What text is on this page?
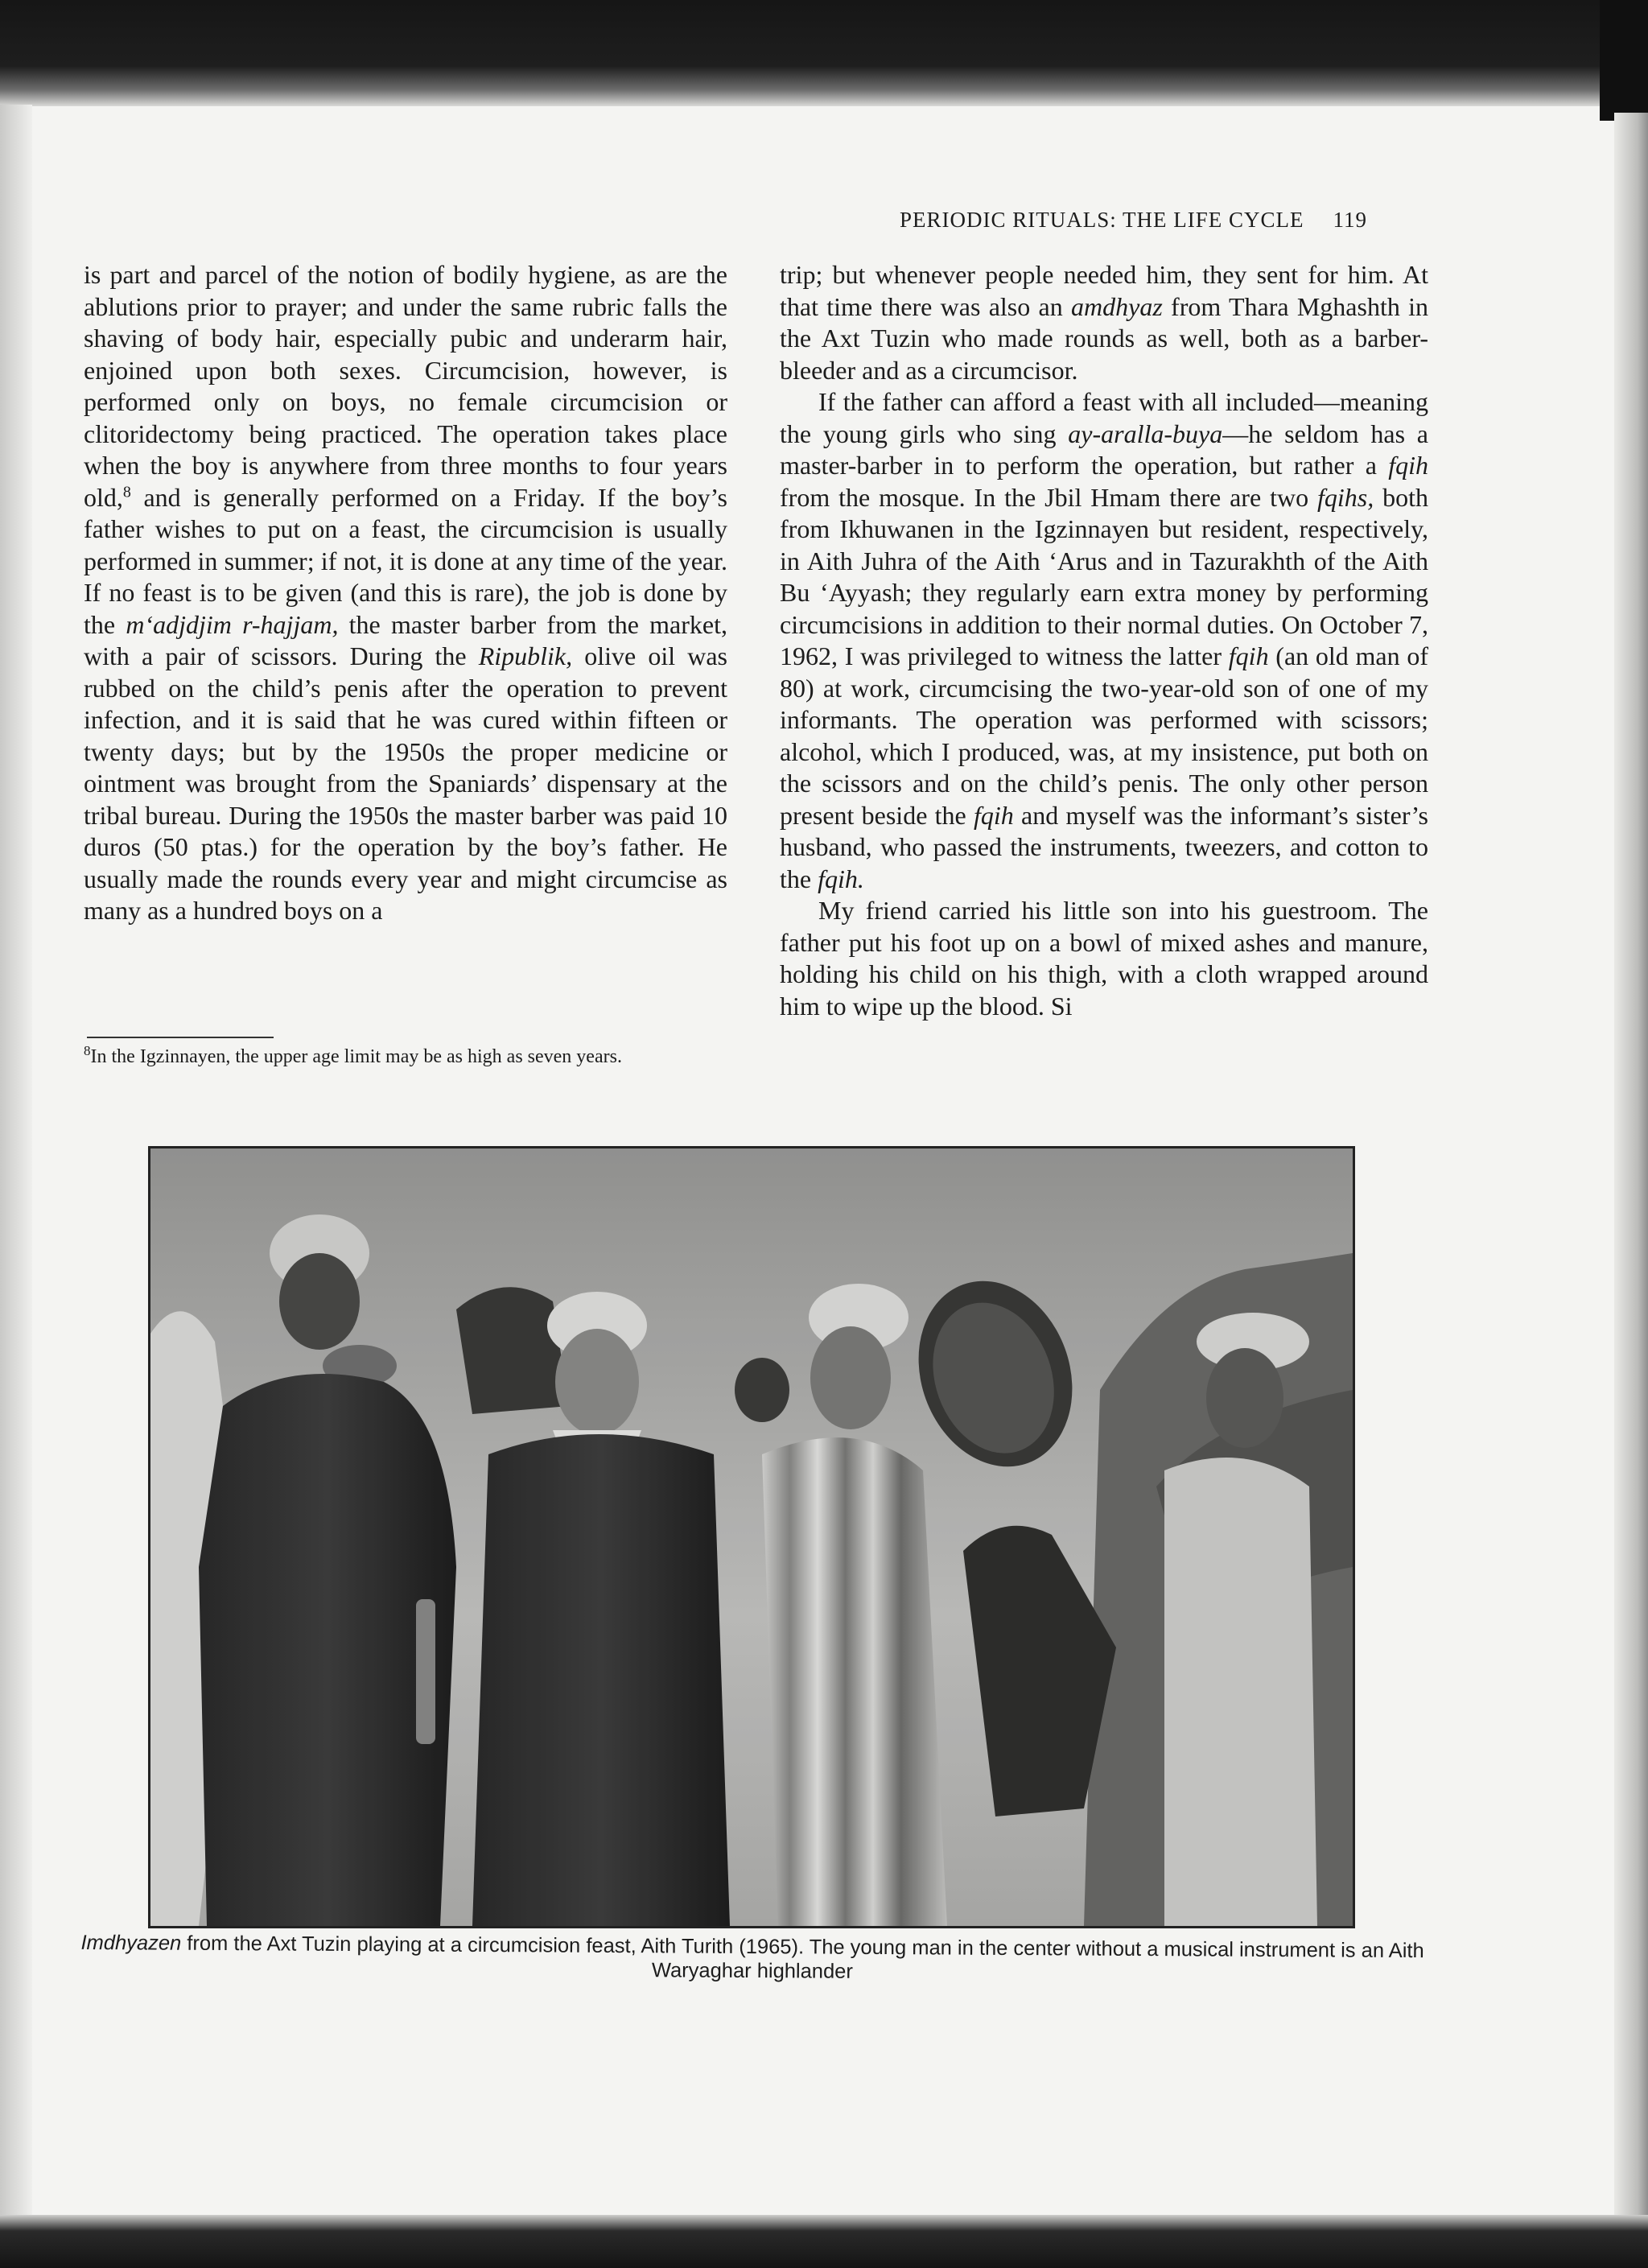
PERIODIC RITUALS: THE LIFE CYCLE 119

is part and parcel of the notion of bodily hygiene, as are the ablutions prior to prayer; and under the same rubric falls the shaving of body hair, especially pubic and underarm hair, enjoined upon both sexes. Circumcision, however, is performed only on boys, no female circumcision or clitoridectomy being practiced. The operation takes place when the boy is anywhere from three months to four years old,$^8$ and is generally performed on a Friday. If the boy’s father wishes to put on a feast, the circumcision is usually performed in summer; if not, it is done at any time of the year. If no feast is to be given (and this is rare), the job is done by the m‘adjdjim r-hajjam, the master barber from the market, with a pair of scissors. During the Ripublik, olive oil was rubbed on the child’s penis after the operation to prevent infection, and it is said that he was cured within fifteen or twenty days; but by the 1950s the proper medicine or ointment was brought from the Spaniards’ dispensary at the tribal bureau. During the 1950s the master barber was paid 10 duros (50 ptas.) for the operation by the boy’s father. He usually made the rounds every year and might circumcise as many as a hundred boys on a

$^8$In the Igzinnayen, the upper age limit may be as high as seven years.

trip; but whenever people needed him, they sent for him. At that time there was also an amdhyaz from Thara Mghashth in the Axt Tuzin who made rounds as well, both as a barber-bleeder and as a circumcisor.

If the father can afford a feast with all included—meaning the young girls who sing ay-aralla-buya—he seldom has a master-barber in to perform the operation, but rather a fqih from the mosque. In the Jbil Hmam there are two fqihs, both from Ikhuwanen in the Igzinnayen but resident, respectively, in Aith Juhra of the Aith ‘Arus and in Tazurakhth of the Aith Bu ‘Ayyash; they regularly earn extra money by performing circumcisions in addition to their normal duties. On October 7, 1962, I was privileged to witness the latter fqih (an old man of 80) at work, circumcising the two-year-old son of one of my informants. The operation was performed with scissors; alcohol, which I produced, was, at my insistence, put both on the scissors and on the child’s penis. The only other person present beside the fqih and myself was the informant’s sister’s husband, who passed the instruments, tweezers, and cotton to the fqih.

My friend carried his little son into his guestroom. The father put his foot up on a bowl of mixed ashes and manure, holding his child on his thigh, with a cloth wrapped around him to wipe up the blood. Si

Imdhyazen from the Axt Tuzin playing at a circumcision feast, Aith Turith (1965). The young man in the center without a musical instrument is an Aith Waryaghar highlander
